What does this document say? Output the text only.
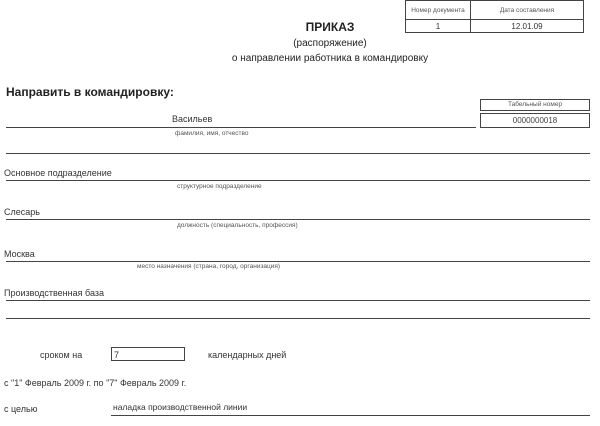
Номер документа	Дата составления
1	12.01.09
ПРИКАЗ
(распоряжение)
о направлении работника в командировку
Направить в командировку:
Табельный номер
0000000018
Васильев
фамилия, имя, отчество
Основное подразделение
структурное подразделение
Слесарь
должность (специальность, профессия)
Москва
место назначения (страна, город, организация)
Производственная база
сроком на	7	календарных дней
с "1" Февраль 2009 г. по "7" Февраль 2009 г.
с целью	наладка производственной линии
